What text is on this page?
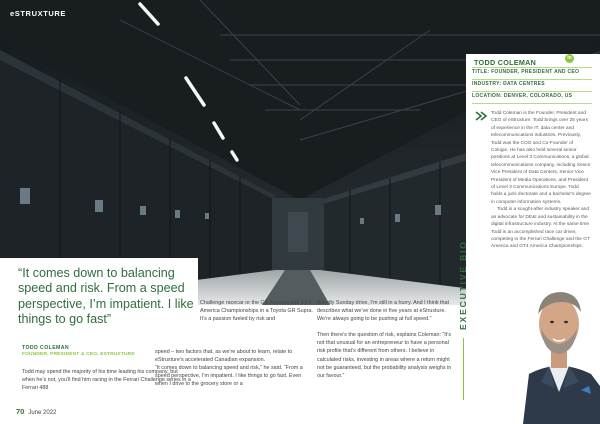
eSTRUXTURE

“It comes down to balancing speed and risk. From a speed perspective, I’m impatient. I like things to go fast”

TODD COLEMAN
FOUNDER, PRESIDENT & CEO, ESTRUXTURE

Todd may spend the majority of his time leading his company, but when he’s not, you’ll find him racing in the Ferrari Challenge series in a Ferrari 488

Challenge racecar or the GT America and GT4 America Championships in a Toyota GR Supra. It’s a passion fueled by risk and

speed – two factors that, as we’re about to learn, relate to eStruxture’s accelerated Canadian expansion.

“It comes down to balancing speed and risk,” he said. “From a speed perspective, I’m impatient. I like things to go fast. Even when I drive to the grocery store or a

friendly Sunday drive, I’m still in a hurry. And I think that describes what we’ve done in five years at eStruxture. We’re always going to be pushing at full speed.”

Then there’s the question of risk, explains Coleman: “It’s not that unusual for an entrepreneur to have a personal risk profile that’s different from others. I believe in calculated risks, investing in areas where a return might not be guaranteed, but the probability analysis weighs in our favour.”

70 June 2022
TODD COLEMAN	in
TITLE: FOUNDER, PRESIDENT AND CEO
INDUSTRY: DATA CENTRES
LOCATION: DENVER, COLORADO, US

Todd Coleman is the Founder, President and CEO of eStruxture. Todd brings over 25 years of experience in the IT, data center and telecommunications industries. Previously, Todd was the COO and Co-Founder of Cologix. He has also held several senior positions at Level 3 Communications, a global telecommunications company, including Senior Vice President of Data Centers, Senior Vice President of Media Operations, and President of Level 3 Communications Europe. Todd holds a juris doctorate and a bachelor’s degree in computer information systems.

Todd is a sought-after industry speaker and an advocate for DE&I and sustainability in the digital infrastructure industry. At the same time Todd is an accomplished race car driver, competing in the Ferrari Challenge and the GT America and GT4 America Championships.

EXECUTIVE BIO
